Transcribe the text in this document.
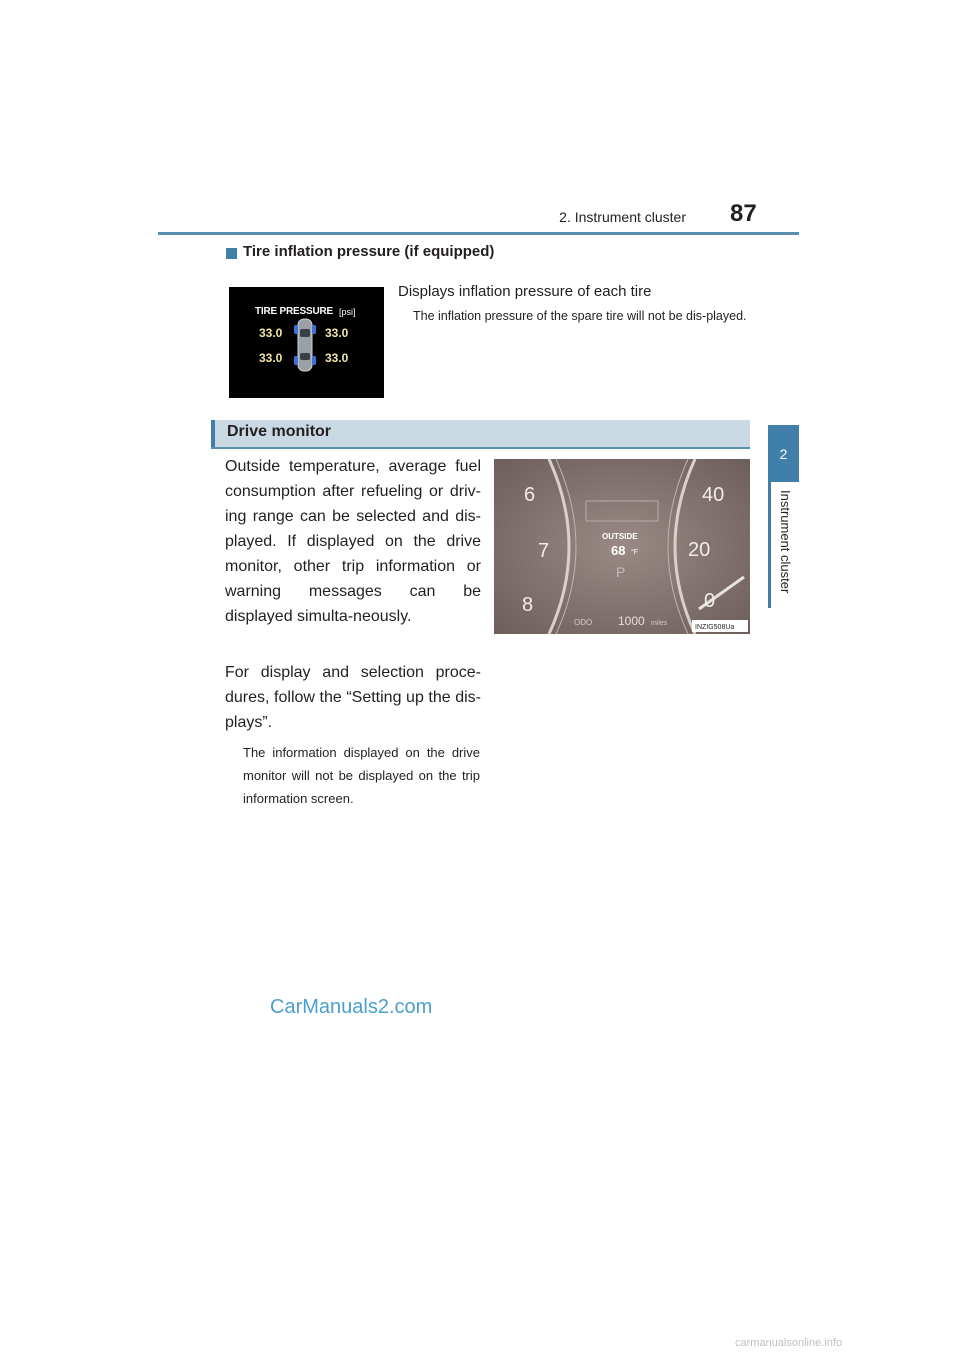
2. Instrument cluster 87
2
Instrument cluster
Tire inflation pressure (if equipped)
TIRE PRESSURE [psi]
33.0	33.0
33.0	33.0
Displays inflation pressure of each tire
The inflation pressure of the spare tire will not be dis-played.
Drive monitor
Outside temperature, average fuel consumption after refueling or driv-ing range can be selected and dis-played. If displayed on the drive monitor, other trip information or warning messages can be displayed simulta-neously.
For display and selection proce-dures, follow the “Setting up the dis-plays”.
The information displayed on the drive monitor will not be displayed on the trip information screen.
6
7
8
40
20
0
OUTSIDE
68 °F
P
ODO 1000 miles
INZIG508Ua
CarManuals2.com
carmanualsonline.info
